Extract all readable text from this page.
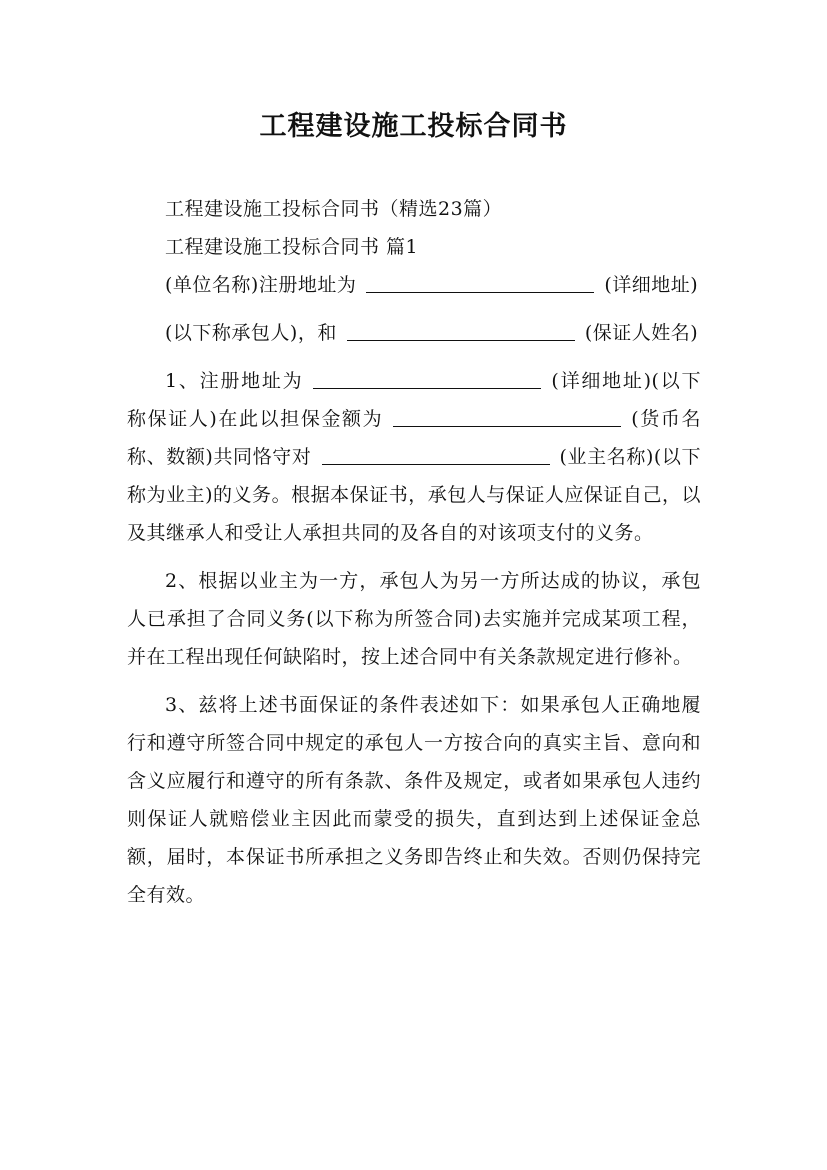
工程建设施工投标合同书

工程建设施工投标合同书（精选23篇）

工程建设施工投标合同书 篇1

(单位名称)注册地址为	(详细地址)

(以下称承包人)，和	(保证人姓名)

1、注册地址为	(详细地址)(以下称保证人)在此以担保金额为	(货币名称、数额)共同恪守对	(业主名称)(以下称为业主)的义务。根据本保证书，承包人与保证人应保证自己，以及其继承人和受让人承担共同的及各自的对该项支付的义务。

2、根据以业主为一方，承包人为另一方所达成的协议，承包人已承担了合同义务(以下称为所签合同)去实施并完成某项工程，并在工程出现任何缺陷时，按上述合同中有关条款规定进行修补。

3、兹将上述书面保证的条件表述如下：如果承包人正确地履行和遵守所签合同中规定的承包人一方按合向的真实主旨、意向和含义应履行和遵守的所有条款、条件及规定，或者如果承包人违约则保证人就赔偿业主因此而蒙受的损失，直到达到上述保证金总额，届时，本保证书所承担之义务即告终止和失效。否则仍保持完全有效。
